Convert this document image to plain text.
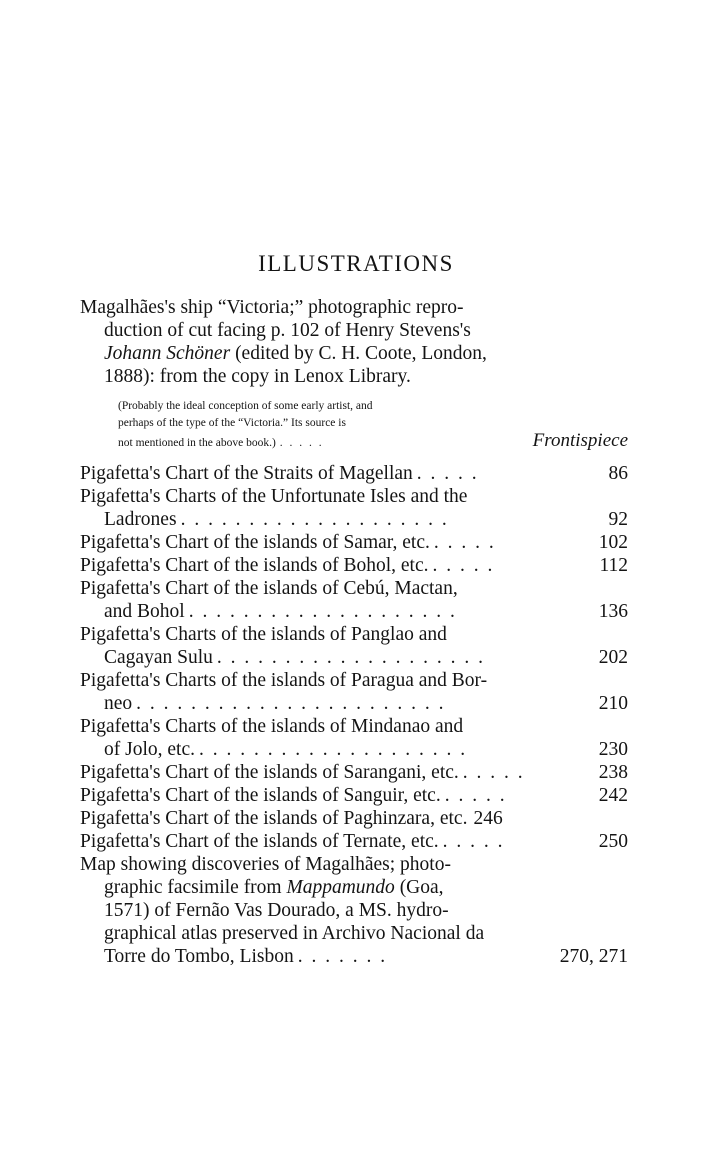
ILLUSTRATIONS
Magalhães's ship “Victoria;” photographic repro-
duction of cut facing p. 102 of Henry Stevens's
Johann Schöner (edited by C. H. Coote, London,
1888): from the copy in Lenox Library.
(Probably the ideal conception of some early artist, and
perhaps of the type of the “Victoria.” Its source is
not mentioned in the above book.) . . . . .	Frontispiece
Pigafetta's Chart of the Straits of Magellan . . . . .	86
Pigafetta's Charts of the Unfortunate Isles and the
Ladrones . . . . . . . . . . . . . . . . . . . .	92
Pigafetta's Chart of the islands of Samar, etc. . . . . .	102
Pigafetta's Chart of the islands of Bohol, etc. . . . . .	112
Pigafetta's Chart of the islands of Cebú, Mactan,
and Bohol . . . . . . . . . . . . . . . . . . . .	136
Pigafetta's Charts of the islands of Panglao and
Cagayan Sulu . . . . . . . . . . . . . . . . . . . .	202
Pigafetta's Charts of the islands of Paragua and Bor-
neo . . . . . . . . . . . . . . . . . . . . . . .	210
Pigafetta's Charts of the islands of Mindanao and
of Jolo, etc. . . . . . . . . . . . . . . . . . . . .	230
Pigafetta's Chart of the islands of Sarangani, etc. . . . . .	238
Pigafetta's Chart of the islands of Sanguir, etc. . . . . .	242
Pigafetta's Chart of the islands of Paghinzara, etc. 246
Pigafetta's Chart of the islands of Ternate, etc. . . . . .	250
Map showing discoveries of Magalhães; photo-
graphic facsimile from Mappamundo (Goa,
1571) of Fernão Vas Dourado, a MS. hydro-
graphical atlas preserved in Archivo Nacional da
Torre do Tombo, Lisbon . . . . . . .	270, 271
